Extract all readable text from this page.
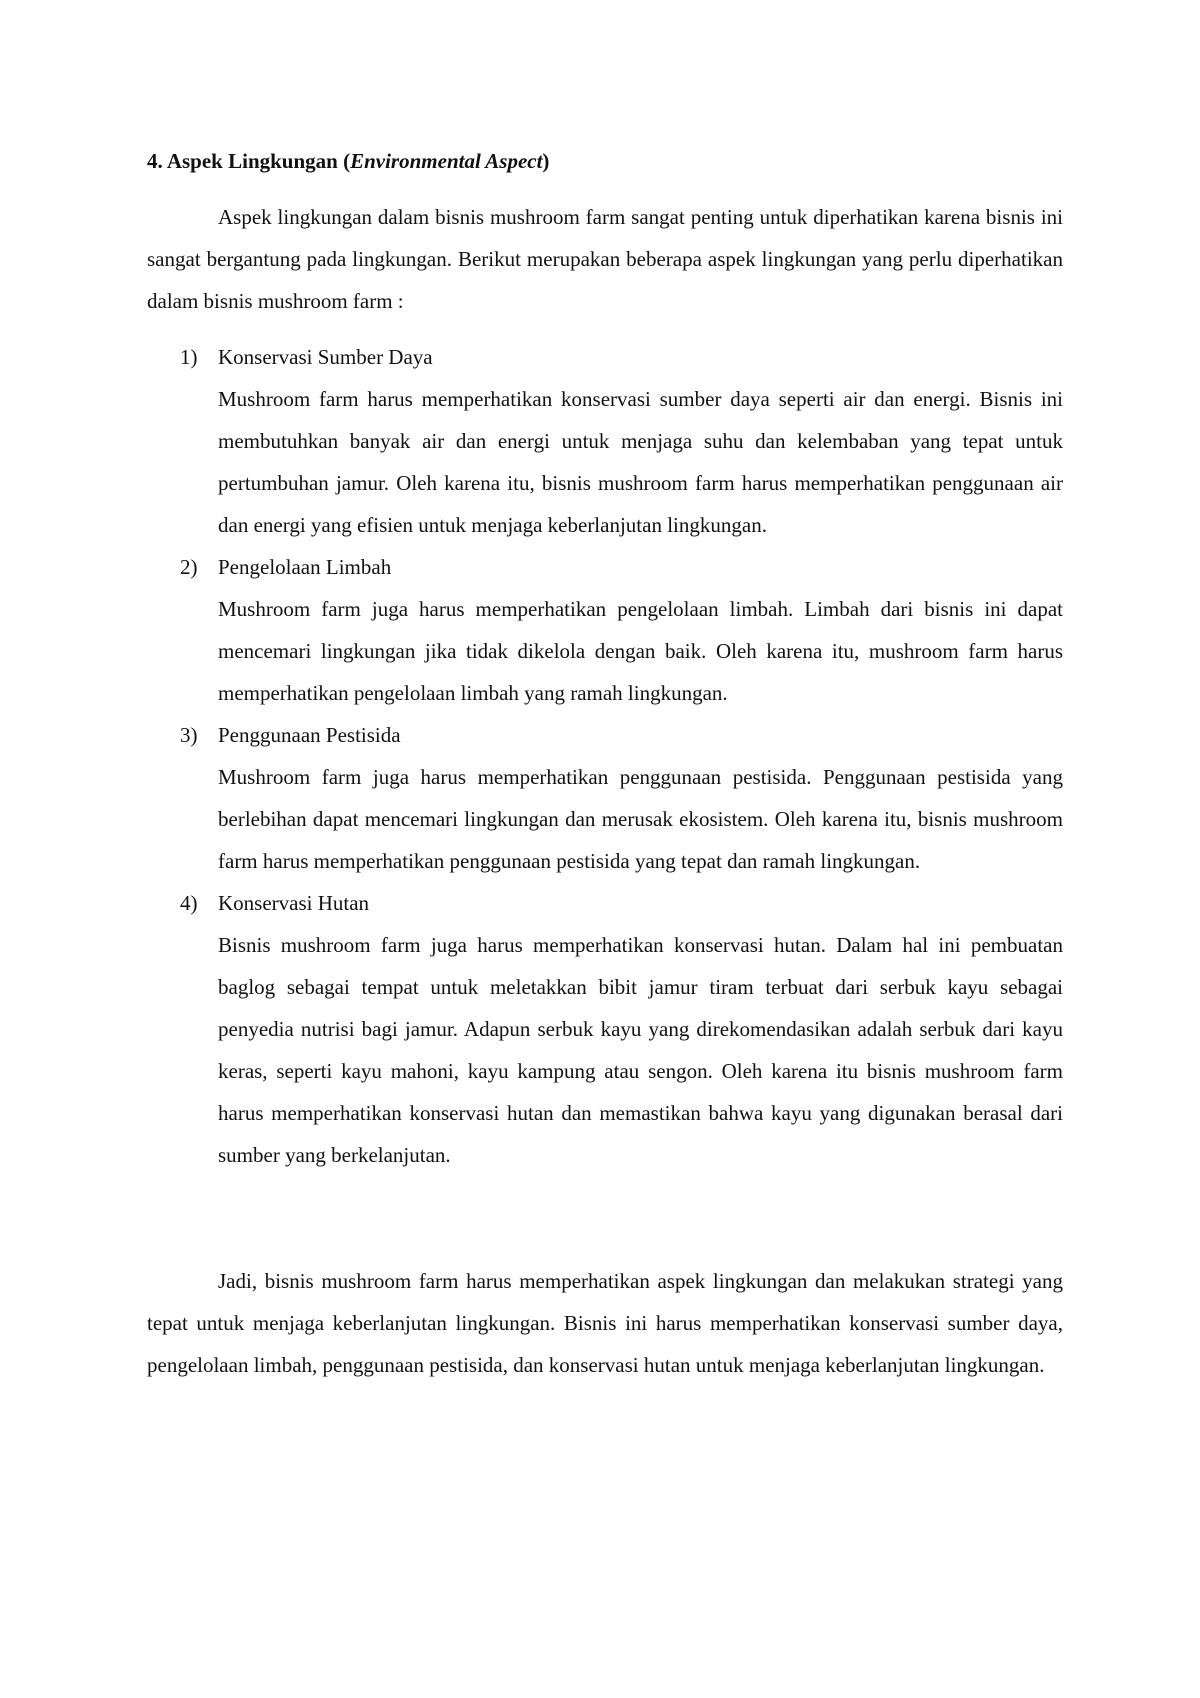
4. Aspek Lingkungan (Environmental Aspect)

Aspek lingkungan dalam bisnis mushroom farm sangat penting untuk diperhatikan karena bisnis ini sangat bergantung pada lingkungan. Berikut merupakan beberapa aspek lingkungan yang perlu diperhatikan dalam bisnis mushroom farm :

1) Konservasi Sumber Daya
Mushroom farm harus memperhatikan konservasi sumber daya seperti air dan energi. Bisnis ini membutuhkan banyak air dan energi untuk menjaga suhu dan kelembaban yang tepat untuk pertumbuhan jamur. Oleh karena itu, bisnis mushroom farm harus memperhatikan penggunaan air dan energi yang efisien untuk menjaga keberlanjutan lingkungan.
2) Pengelolaan Limbah
Mushroom farm juga harus memperhatikan pengelolaan limbah. Limbah dari bisnis ini dapat mencemari lingkungan jika tidak dikelola dengan baik. Oleh karena itu, mushroom farm harus memperhatikan pengelolaan limbah yang ramah lingkungan.
3) Penggunaan Pestisida
Mushroom farm juga harus memperhatikan penggunaan pestisida. Penggunaan pestisida yang berlebihan dapat mencemari lingkungan dan merusak ekosistem. Oleh karena itu, bisnis mushroom farm harus memperhatikan penggunaan pestisida yang tepat dan ramah lingkungan.
4) Konservasi Hutan
Bisnis mushroom farm juga harus memperhatikan konservasi hutan. Dalam hal ini pembuatan baglog sebagai tempat untuk meletakkan bibit jamur tiram terbuat dari serbuk kayu sebagai penyedia nutrisi bagi jamur. Adapun serbuk kayu yang direkomendasikan adalah serbuk dari kayu keras, seperti kayu mahoni, kayu kampung atau sengon. Oleh karena itu bisnis mushroom farm harus memperhatikan konservasi hutan dan memastikan bahwa kayu yang digunakan berasal dari sumber yang berkelanjutan.

Jadi, bisnis mushroom farm harus memperhatikan aspek lingkungan dan melakukan strategi yang tepat untuk menjaga keberlanjutan lingkungan. Bisnis ini harus memperhatikan konservasi sumber daya, pengelolaan limbah, penggunaan pestisida, dan konservasi hutan untuk menjaga keberlanjutan lingkungan.
